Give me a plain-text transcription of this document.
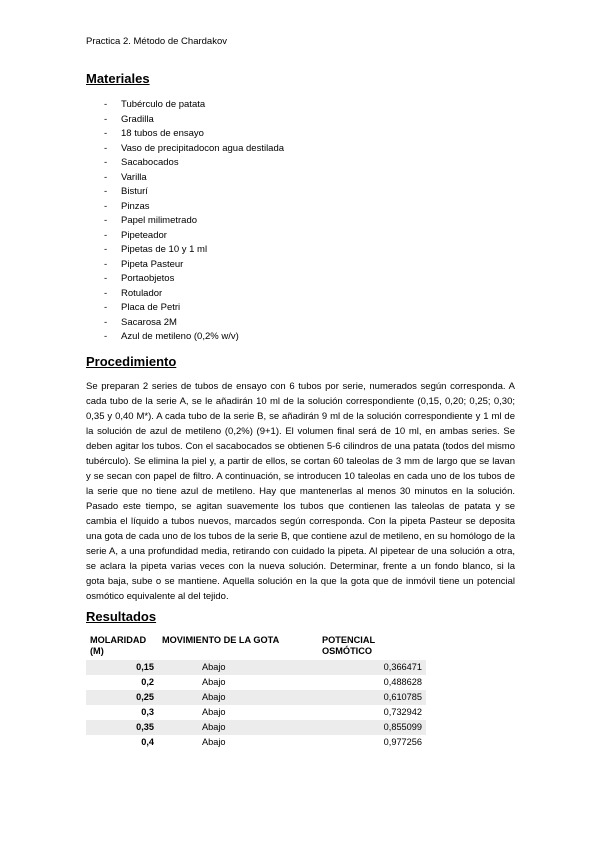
Practica 2. Método de Chardakov
Materiales
- Tubérculo de patata
- Gradilla
- 18 tubos de ensayo
- Vaso de precipitadocon agua destilada
- Sacabocados
- Varilla
- Bisturí
- Pinzas
- Papel milimetrado
- Pipeteador
- Pipetas de 10 y 1 ml
- Pipeta Pasteur
- Portaobjetos
- Rotulador
- Placa de Petri
- Sacarosa 2M
- Azul de metileno (0,2% w/v)
Procedimiento

Se preparan 2 series de tubos de ensayo con 6 tubos por serie, numerados según corresponda. A cada tubo de la serie A, se le añadirán 10 ml de la solución correspondiente (0,15, 0,20; 0,25; 0,30; 0,35 y 0,40 M*). A cada tubo de la serie B, se añadirán 9 ml de la solución correspondiente y 1 ml de la solución de azul de metileno (0,2%) (9+1). El volumen final será de 10 ml, en ambas series. Se deben agitar los tubos. Con el sacabocados se obtienen 5-6 cilindros de una patata (todos del mismo tubérculo). Se elimina la piel y, a partir de ellos, se cortan 60 taleolas de 3 mm de largo que se lavan y se secan con papel de filtro. A continuación, se introducen 10 taleolas en cada uno de los tubos de la serie que no tiene azul de metileno. Hay que mantenerlas al menos 30 minutos en la solución. Pasado este tiempo, se agitan suavemente los tubos que contienen las taleolas de patata y se cambia el líquido a tubos nuevos, marcados según corresponda. Con la pipeta Pasteur se deposita una gota de cada uno de los tubos de la serie B, que contiene azul de metileno, en su homólogo de la serie A, a una profundidad media, retirando con cuidado la pipeta. Al pipetear de una solución a otra, se aclara la pipeta varias veces con la nueva solución. Determinar, frente a un fondo blanco, si la gota baja, sube o se mantiene. Aquella solución en la que la gota que de inmóvil tiene un potencial osmótico equivalente al del tejido.

Resultados
MOLARIDAD (M)	MOVIMIENTO DE LA GOTA	POTENCIAL OSMÓTICO
0,15	Abajo	0,366471
0,2	Abajo	0,488628
0,25	Abajo	0,610785
0,3	Abajo	0,732942
0,35	Abajo	0,855099
0,4	Abajo	0,977256
